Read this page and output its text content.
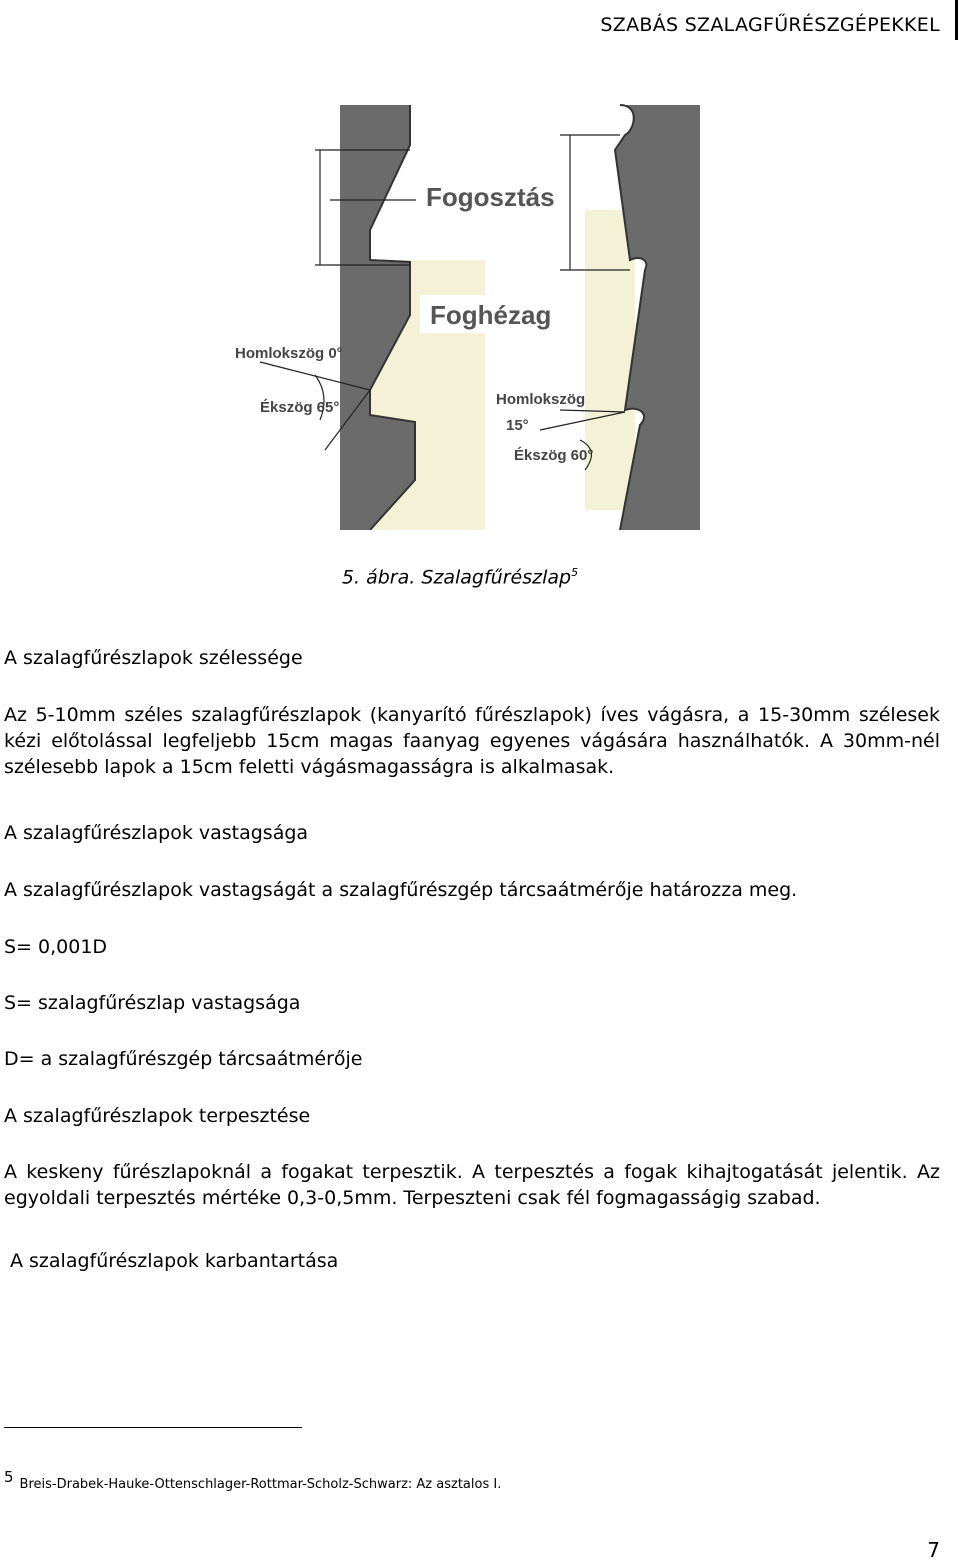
SZABÁS SZALAGFŰRÉSZGÉPEKKEL
Fogosztás
Foghézag
Homlokszög 0°
Ékszög 65°	Homlokszög
15°
Ékszög 60°
5. ábra. Szalagfűrészlap$^5$
A szalagfűrészlapok szélessége
Az 5-10mm széles szalagfűrészlapok (kanyarító fűrészlapok) íves vágásra, a 15-30mm szélesek kézi előtolással legfeljebb 15cm magas faanyag egyenes vágására használhatók. A 30mm-nél szélesebb lapok a 15cm feletti vágásmagasságra is alkalmasak.
A szalagfűrészlapok vastagsága
A szalagfűrészlapok vastagságát a szalagfűrészgép tárcsaátmérője határozza meg.
S= 0,001D
S= szalagfűrészlap vastagsága
D= a szalagfűrészgép tárcsaátmérője
A szalagfűrészlapok terpesztése
A keskeny fűrészlapoknál a fogakat terpesztik. A terpesztés a fogak kihajtogatását jelentik. Az egyoldali terpesztés mértéke 0,3-0,5mm. Terpeszteni csak fél fogmagasságig szabad.
A szalagfűrészlapok karbantartása
5 Breis-Drabek-Hauke-Ottenschlager-Rottmar-Scholz-Schwarz: Az asztalos I.
7
